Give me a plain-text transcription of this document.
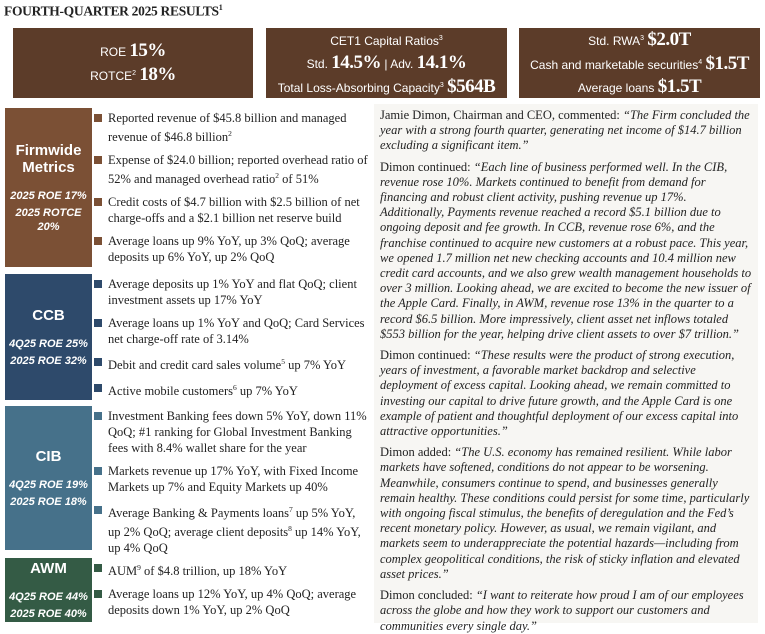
FOURTH-QUARTER 2025 RESULTS$^1$
ROE 15%
ROTCE$^2$ 18%
CET1 Capital Ratios$^3$
Std. 14.5% | Adv. 14.1%
Total Loss-Absorbing Capacity$^3$ $564B
Std. RWA$^3$ $2.0T
Cash and marketable securities$^4$ $1.5T
Average loans $1.5T
Firmwide
Metrics
2025 ROE 17%
2025 ROTCE 20%
Reported revenue of $45.8 billion and managed revenue of $46.8 billion$^2$
Expense of $24.0 billion; reported overhead ratio of 52% and managed overhead ratio$^2$ of 51%
Credit costs of $4.7 billion with $2.5 billion of net charge-offs and a $2.1 billion net reserve build
Average loans up 9% YoY, up 3% QoQ; average deposits up 6% YoY, up 2% QoQ
CCB
4Q25 ROE 25%
2025 ROE 32%
Average deposits up 1% YoY and flat QoQ; client investment assets up 17% YoY
Average loans up 1% YoY and QoQ; Card Services net charge-off rate of 3.14%
Debit and credit card sales volume$^5$ up 7% YoY
Active mobile customers$^6$ up 7% YoY
CIB
4Q25 ROE 19%
2025 ROE 18%
Investment Banking fees down 5% YoY, down 11% QoQ; #1 ranking for Global Investment Banking fees with 8.4% wallet share for the year
Markets revenue up 17% YoY, with Fixed Income Markets up 7% and Equity Markets up 40%
Average Banking & Payments loans$^7$ up 5% YoY, up 2% QoQ; average client deposits$^8$ up 14% YoY, up 4% QoQ
AWM
4Q25 ROE 44%
2025 ROE 40%
AUM$^9$ of $4.8 trillion, up 18% YoY
Average loans up 12% YoY, up 4% QoQ; average deposits down 1% YoY, up 2% QoQ

Jamie Dimon, Chairman and CEO, commented: “The Firm concluded the year with a strong fourth quarter, generating net income of $14.7 billion excluding a significant item.”

Dimon continued: “Each line of business performed well. In the CIB, revenue rose 10%. Markets continued to benefit from demand for financing and robust client activity, pushing revenue up 17%. Additionally, Payments revenue reached a record $5.1 billion due to ongoing deposit and fee growth. In CCB, revenue rose 6%, and the franchise continued to acquire new customers at a robust pace. This year, we opened 1.7 million net new checking accounts and 10.4 million new credit card accounts, and we also grew wealth management households to over 3 million. Looking ahead, we are excited to become the new issuer of the Apple Card. Finally, in AWM, revenue rose 13% in the quarter to a record $6.5 billion. More impressively, client asset net inflows totaled $553 billion for the year, helping drive client assets to over $7 trillion.”

Dimon continued: “These results were the product of strong execution, years of investment, a favorable market backdrop and selective deployment of excess capital. Looking ahead, we remain committed to investing our capital to drive future growth, and the Apple Card is one example of patient and thoughtful deployment of our excess capital into attractive opportunities.”

Dimon added: “The U.S. economy has remained resilient. While labor markets have softened, conditions do not appear to be worsening. Meanwhile, consumers continue to spend, and businesses generally remain healthy. These conditions could persist for some time, particularly with ongoing fiscal stimulus, the benefits of deregulation and the Fed’s recent monetary policy. However, as usual, we remain vigilant, and markets seem to underappreciate the potential hazards—including from complex geopolitical conditions, the risk of sticky inflation and elevated asset prices.”

Dimon concluded: “I want to reiterate how proud I am of our employees across the globe and how they work to support our customers and communities every single day.”
